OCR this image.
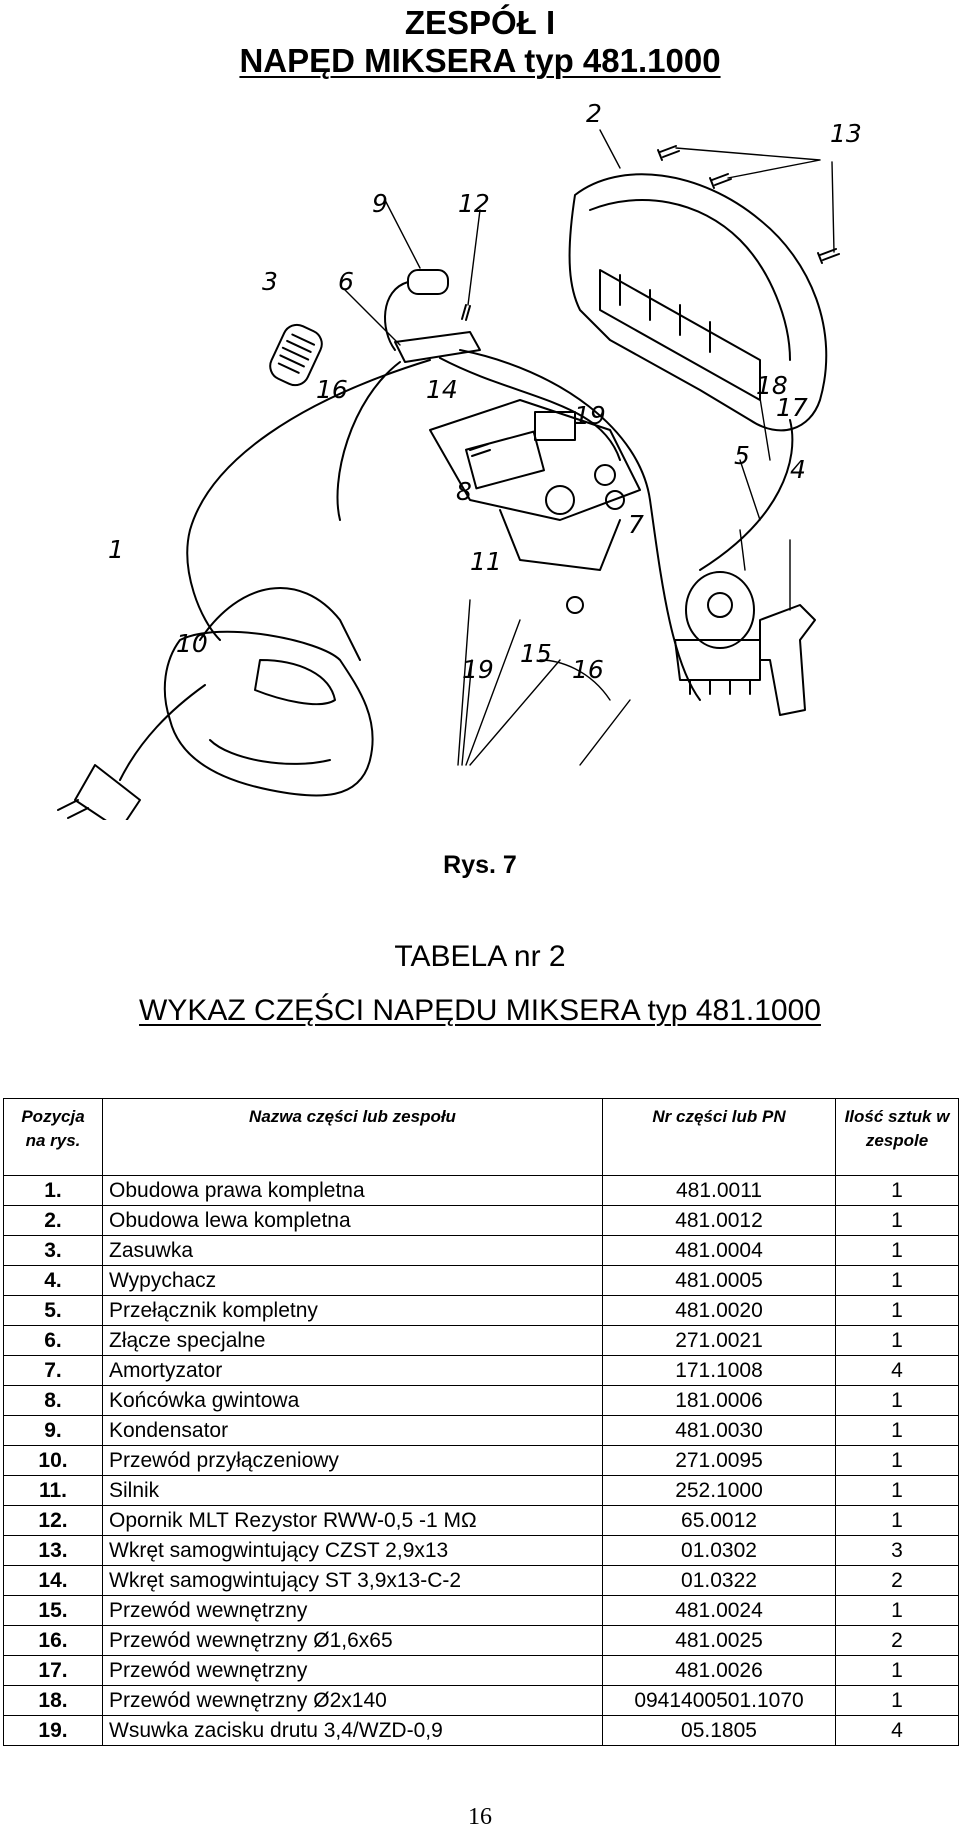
ZESPÓŁ I
NAPĘD MIKSERA typ 481.1000
1
2
3
4
5
6
7
8
9
10
11
12
13
14
15
16
16
17
18
19
19
Rys. 7
TABELA nr 2
WYKAZ CZĘŚCI NAPĘDU MIKSERA typ 481.1000
Pozycja na rys.	Nazwa części lub zespołu	Nr części lub PN	Ilość sztuk w zespole
1.	Obudowa prawa kompletna	481.0011	1
2.	Obudowa lewa kompletna	481.0012	1
3.	Zasuwka	481.0004	1
4.	Wypychacz	481.0005	1
5.	Przełącznik kompletny	481.0020	1
6.	Złącze specjalne	271.0021	1
7.	Amortyzator	171.1008	4
8.	Końcówka gwintowa	181.0006	1
9.	Kondensator	481.0030	1
10.	Przewód przyłączeniowy	271.0095	1
11.	Silnik	252.1000	1
12.	Opornik MLT Rezystor RWW-0,5 -1 MΩ	65.0012	1
13.	Wkręt samogwintujący CZST 2,9x13	01.0302	3
14.	Wkręt samogwintujący ST 3,9x13-C-2	01.0322	2
15.	Przewód wewnętrzny	481.0024	1
16.	Przewód wewnętrzny Ø1,6x65	481.0025	2
17.	Przewód wewnętrzny	481.0026	1
18.	Przewód wewnętrzny Ø2x140	0941400501.1070	1
19.	Wsuwka zacisku drutu 3,4/WZD-0,9	05.1805	4
16
